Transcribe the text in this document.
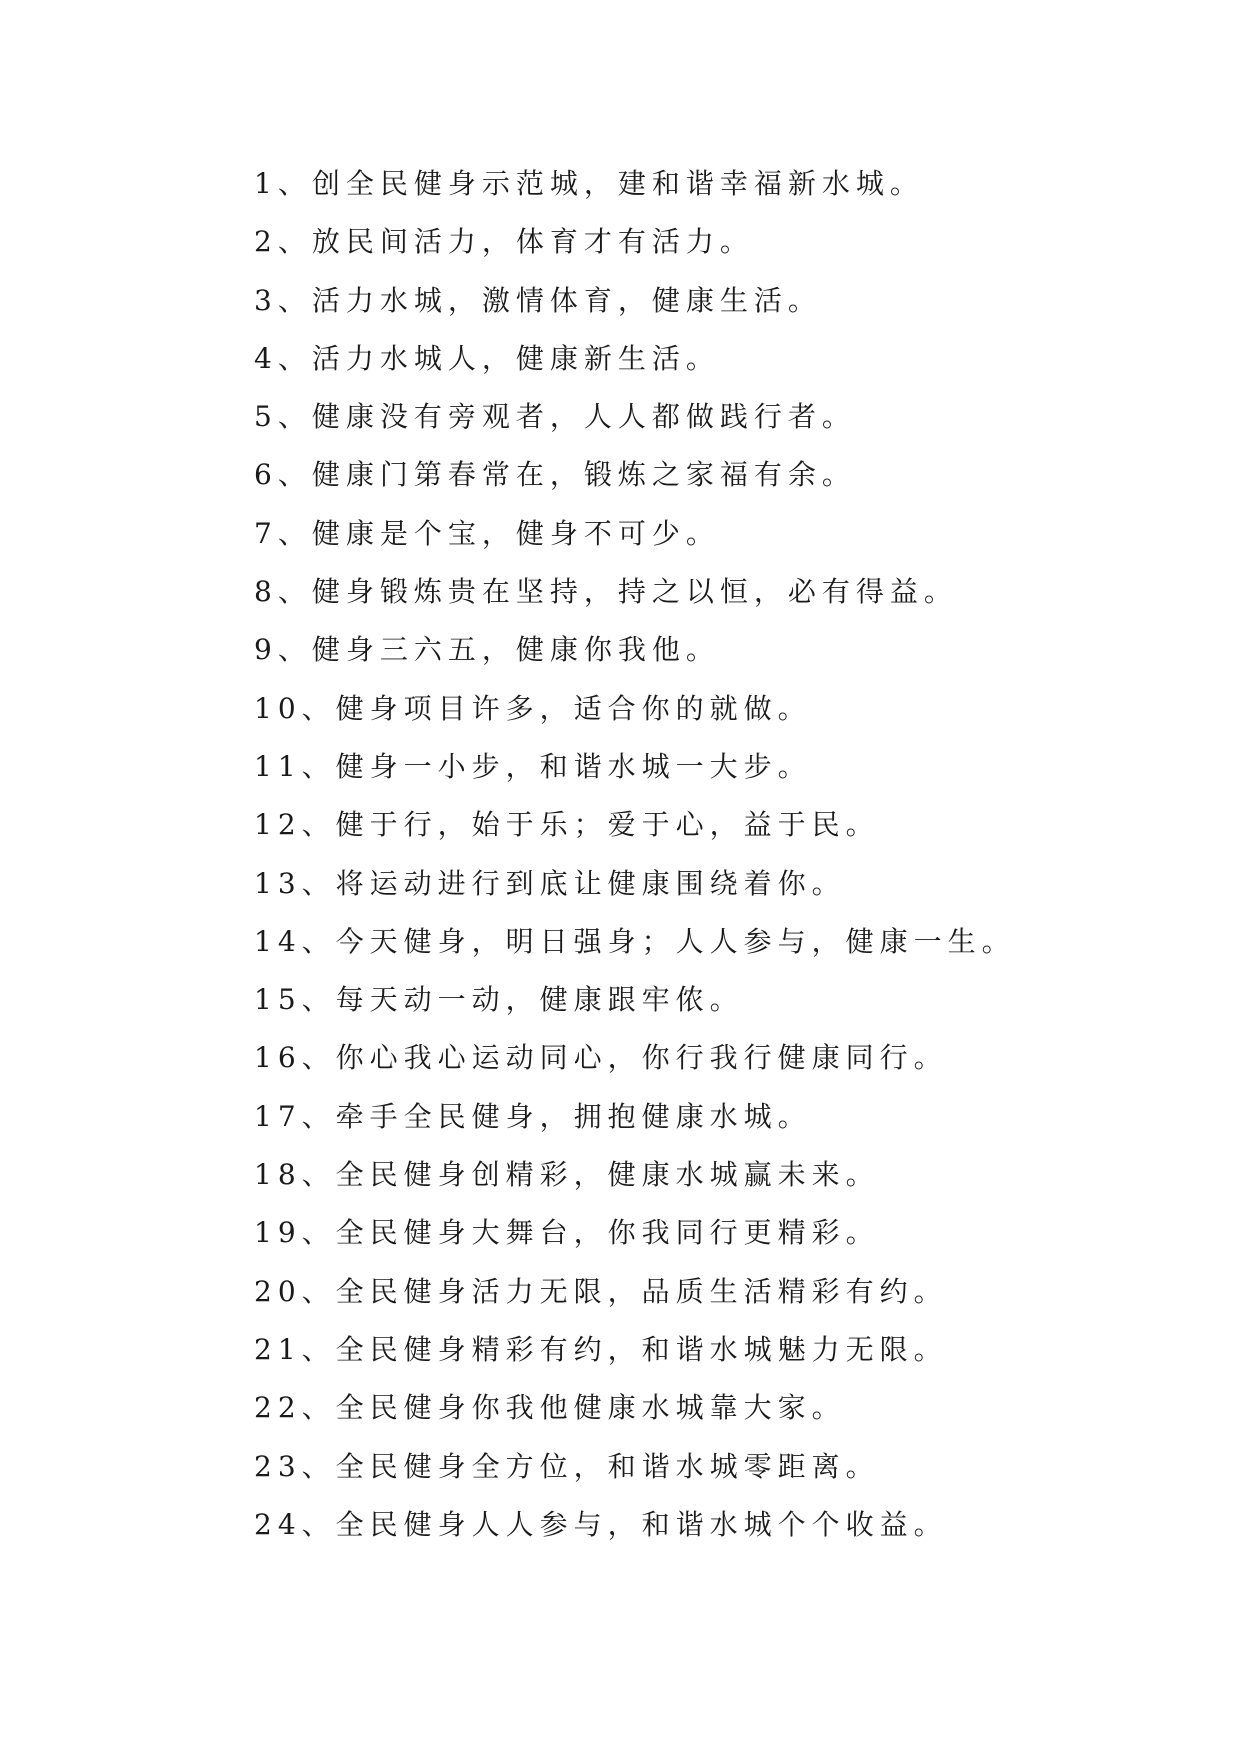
1、创全民健身示范城，建和谐幸福新水城。
2、放民间活力，体育才有活力。
3、活力水城，激情体育，健康生活。
4、活力水城人，健康新生活。
5、健康没有旁观者，人人都做践行者。
6、健康门第春常在，锻炼之家福有余。
7、健康是个宝，健身不可少。
8、健身锻炼贵在坚持，持之以恒，必有得益。
9、健身三六五，健康你我他。
10、健身项目许多，适合你的就做。
11、健身一小步，和谐水城一大步。
12、健于行，始于乐；爱于心，益于民。
13、将运动进行到底让健康围绕着你。
14、今天健身，明日强身；人人参与，健康一生。
15、每天动一动，健康跟牢侬。
16、你心我心运动同心，你行我行健康同行。
17、牵手全民健身，拥抱健康水城。
18、全民健身创精彩，健康水城赢未来。
19、全民健身大舞台，你我同行更精彩。
20、全民健身活力无限，品质生活精彩有约。
21、全民健身精彩有约，和谐水城魅力无限。
22、全民健身你我他健康水城靠大家。
23、全民健身全方位，和谐水城零距离。
24、全民健身人人参与，和谐水城个个收益。
